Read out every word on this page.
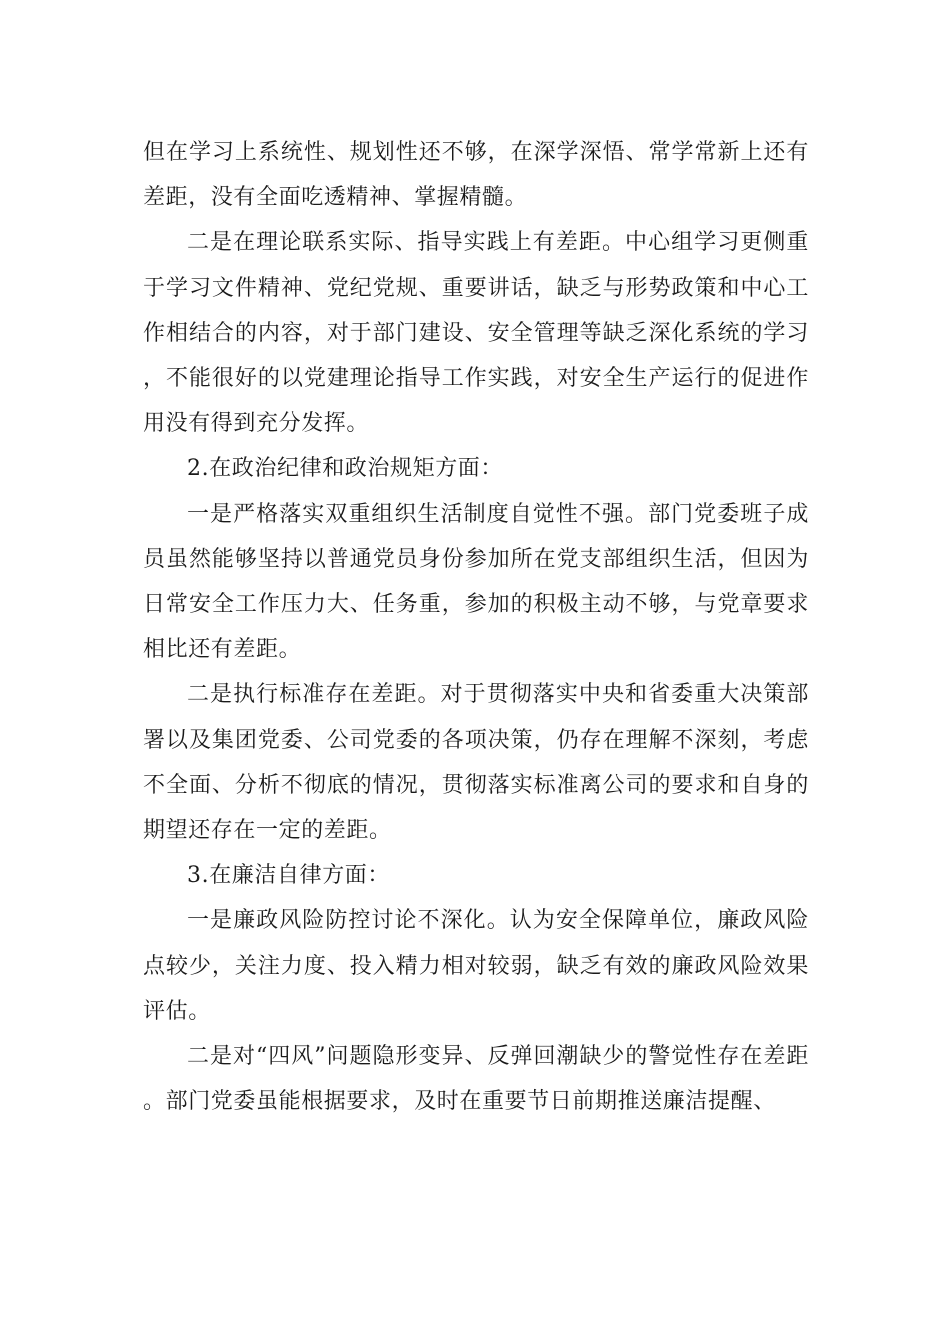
但在学习上系统性、规划性还不够，在深学深悟、常学常新上还有差距，没有全面吃透精神、掌握精髓。

二是在理论联系实际、指导实践上有差距。中心组学习更侧重于学习文件精神、党纪党规、重要讲话，缺乏与形势政策和中心工作相结合的内容，对于部门建设、安全管理等缺乏深化系统的学习，不能很好的以党建理论指导工作实践，对安全生产运行的促进作用没有得到充分发挥。

2.在政治纪律和政治规矩方面：

一是严格落实双重组织生活制度自觉性不强。部门党委班子成员虽然能够坚持以普通党员身份参加所在党支部组织生活，但因为日常安全工作压力大、任务重，参加的积极主动不够，与党章要求相比还有差距。

二是执行标准存在差距。对于贯彻落实中央和省委重大决策部署以及集团党委、公司党委的各项决策，仍存在理解不深刻，考虑不全面、分析不彻底的情况，贯彻落实标准离公司的要求和自身的期望还存在一定的差距。

3.在廉洁自律方面：

一是廉政风险防控讨论不深化。认为安全保障单位，廉政风险点较少，关注力度、投入精力相对较弱，缺乏有效的廉政风险效果评估。

二是对“四风”问题隐形变异、反弹回潮缺少的警觉性存在差距。部门党委虽能根据要求，及时在重要节日前期推送廉洁提醒、
